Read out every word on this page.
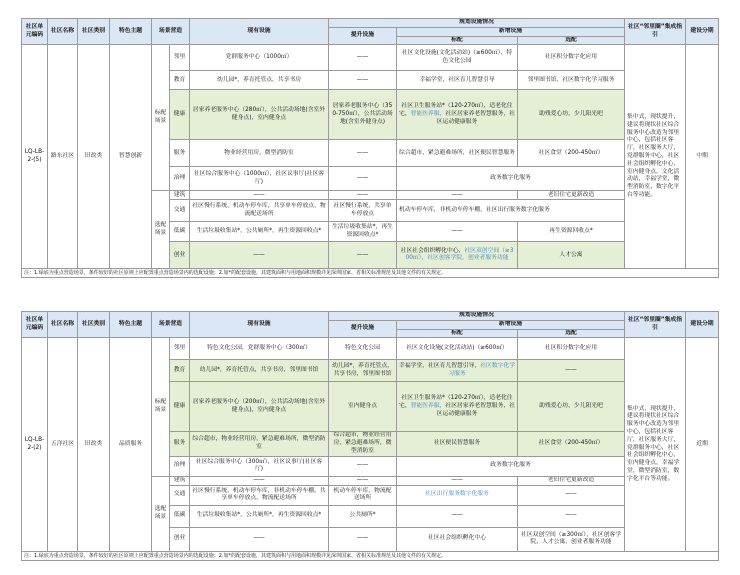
社区单元编码	社区名称	社区类别	特色主题	场景营造		现有设施	规划设施情况			社区“邻里圈”集成指引	建设分期
							提升设施	新增设施			
								标配	选配		
LQ-LB-2-(5)	路东社区	旧改类	智慧创新	标配场景	邻里	党群服务中心（1000㎡）	——	社区文化设施(文化活动站)（≥600㎡），特色文化公园	社区积分数字化应用	集中式，现状提升，建议将现状社区综合服务中心改造为邻里中心，包括社区客厅，社区服务大厅，党群服务中心，社区社会组织孵化中心，室内健身点，文化活动站，幸福学堂，微型消防室，数字化平台等功能。	中期
					教育	幼儿园*，养育托管点，共享书房	——	幸福学堂，社区育儿智慧引导	邻里图书馆，社区数字化学习服务		
					健康	居家养老服务中心（280㎡），公共活动场地(含室外健身点)，室内健身点	居家养老服务中心（350-750㎡），公共活动场地(含室外健身点)	社区卫生服务站*（120-270㎡），适老化住宅，智能医养服，社区居家养老智慧服务，社区运动健康服务	助残爱心坊，少儿阳光吧		
					服务	物业经营用房，微型消防室	——	综合超市，紧急避难场所，社区便民智慧服务	社区食堂（200-450㎡）		
					治理	社区综合服务中心（1000㎡），社区议事厅(社区客厅)	——	政务数字化服务			
				选配场景	建筑	——	——	——	老旧住宅更新改造		
					交通	社区慢行系统，机动车停车库，共享单车停放点，物流配送场所	社区慢行系统，共享单车停放点	机动车停车库，非机动车停车棚，社区出行服务数字化服务			
					低碳	生活垃圾收集站*，公共厕所*，再生资源回收点*	生活垃圾收集站*，再生资源回收点*	——	再生资源回收点*		
					创业	——	——	社区社会组织孵化中心，社区双创空间（≥300㎡），社区创客学院，创业者服务功能	人才公寓		
注：1.绿底为重点营造场景，条件较好的社区原则上应配置重点营造场景内的选配设施；2.加*的配套设施，其建筑面积与用地面积规模详见深圳国家、省相关标准规范及其他文件的有关规定。											
社区单元编码	社区名称	社区类别	特色主题	场景营造		现有设施	规划设施情况			社区“邻里圈”集成指引	建设分期
							提升设施	新增设施			
								标配	选配		
LQ-LB-2-(2)	五洋社区	旧改类	品质服务	标配场景	邻里	特色文化公园，党群服务中心（300㎡）	特色文化公园	社区文化设施(文化活动站)（≥600㎡）	社区积分数字化应用	集中式，现状提升，建议将现状社区综合服务中心改造为邻里中心，包括社区客厅，社区服务大厅，党群服务中心，社区社会组织孵化中心，室内健身点，幸福学堂，微型消防室，数字化平台等功能。	近期
					教育	幼儿园*，养育托管点，共享书房，邻里图书馆	幼儿园*，养育托管点，共享书房，邻里图书馆	幸福学堂，社区育儿智慧引导，社区数字化学习服务	——		
					健康	居家养老服务中心（200㎡），公共活动场地(含室外健身点)，室内健身点	室内健身点	社区卫生服务站*（120-270㎡），适老化住宅，智能医养服，社区居家养老智慧服务，社区运动健康服务	助残爱心坊，少儿阳光吧		
					服务	综合超市，物业经营用房，紧急避难场所，微型消防室	综合超市，物业经营用房，紧急避难场所，微型消防室	社区便民智慧服务	社区食堂（200-450㎡）		
					治理	社区综合服务中心（300㎡），社区议事厅(社区客厅)	——	政务数字化服务			
				选配场景	建筑	——	——	——	老旧住宅更新改造		
					交通	社区慢行系统，机动车停车库，非机动车停车棚，共享单车停放点，物流配送场所	机动车停车库，物流配送场所	社区出行服务数字化服务	——		
					低碳	生活垃圾收集站*，公共厕所*，再生资源回收点*	公共厕所*	——	——		
					创业	——	——	社区社会组织孵化中心	社区双创空间（≥300㎡），社区创客学院，人才公寓，创业者服务功能		
注：1.绿底为重点营造场景，条件较好的社区原则上应配置重点营造场景内的选配设施；2.加*的配套设施，其建筑面积与用地面积规模详见深圳国家、省相关标准规范及其他文件的有关规定。											
